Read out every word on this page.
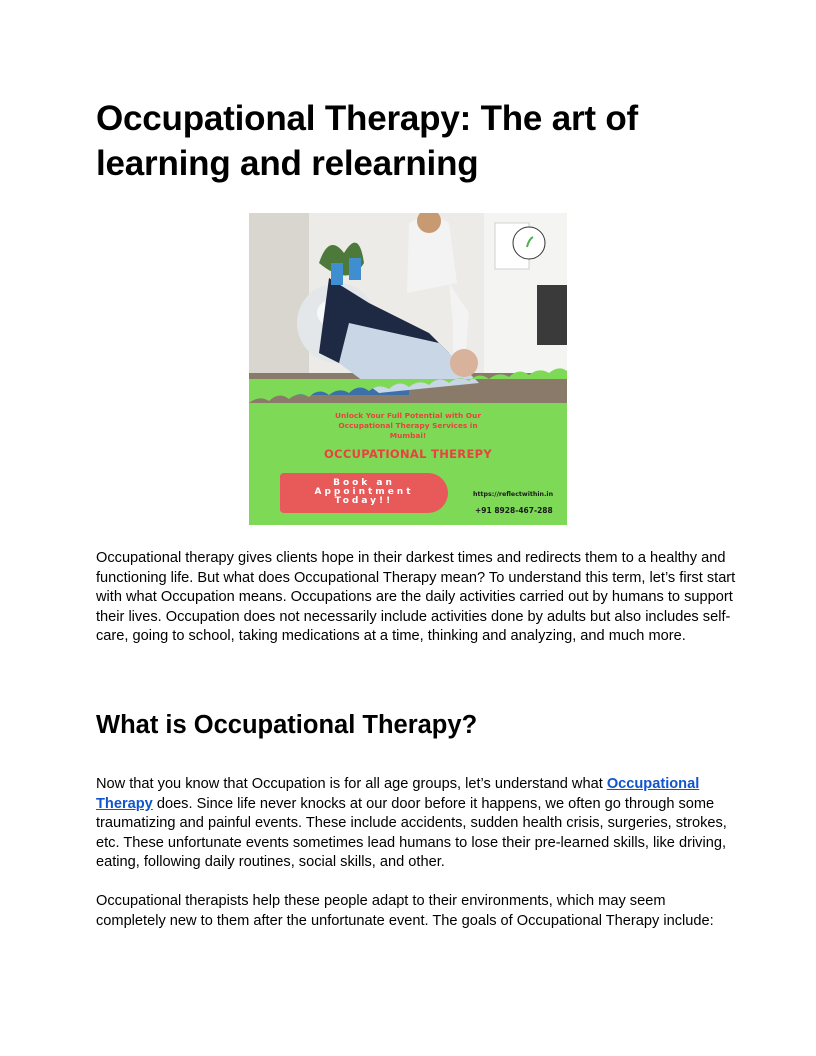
Occupational Therapy: The art of learning and relearning
Unlock Your Full Potential with Our Occupational Therapy Services in Mumbai!
OCCUPATIONAL THEREPY
Book an Appointment Today!!
https://reflectwithin.in
+91 8928-467-288

Occupational therapy gives clients hope in their darkest times and redirects them to a healthy and functioning life. But what does Occupational Therapy mean? To understand this term, let’s first start with what Occupation means. Occupations are the daily activities carried out by humans to support their lives. Occupation does not necessarily include activities done by adults but also includes self-care, going to school, taking medications at a time, thinking and analyzing, and much more.

What is Occupational Therapy?

Now that you know that Occupation is for all age groups, let’s understand what Occupational Therapy does. Since life never knocks at our door before it happens, we often go through some traumatizing and painful events. These include accidents, sudden health crisis, surgeries, strokes, etc. These unfortunate events sometimes lead humans to lose their pre-learned skills, like driving, eating, following daily routines, social skills, and other.

Occupational therapists help these people adapt to their environments, which may seem completely new to them after the unfortunate event. The goals of Occupational Therapy include:
